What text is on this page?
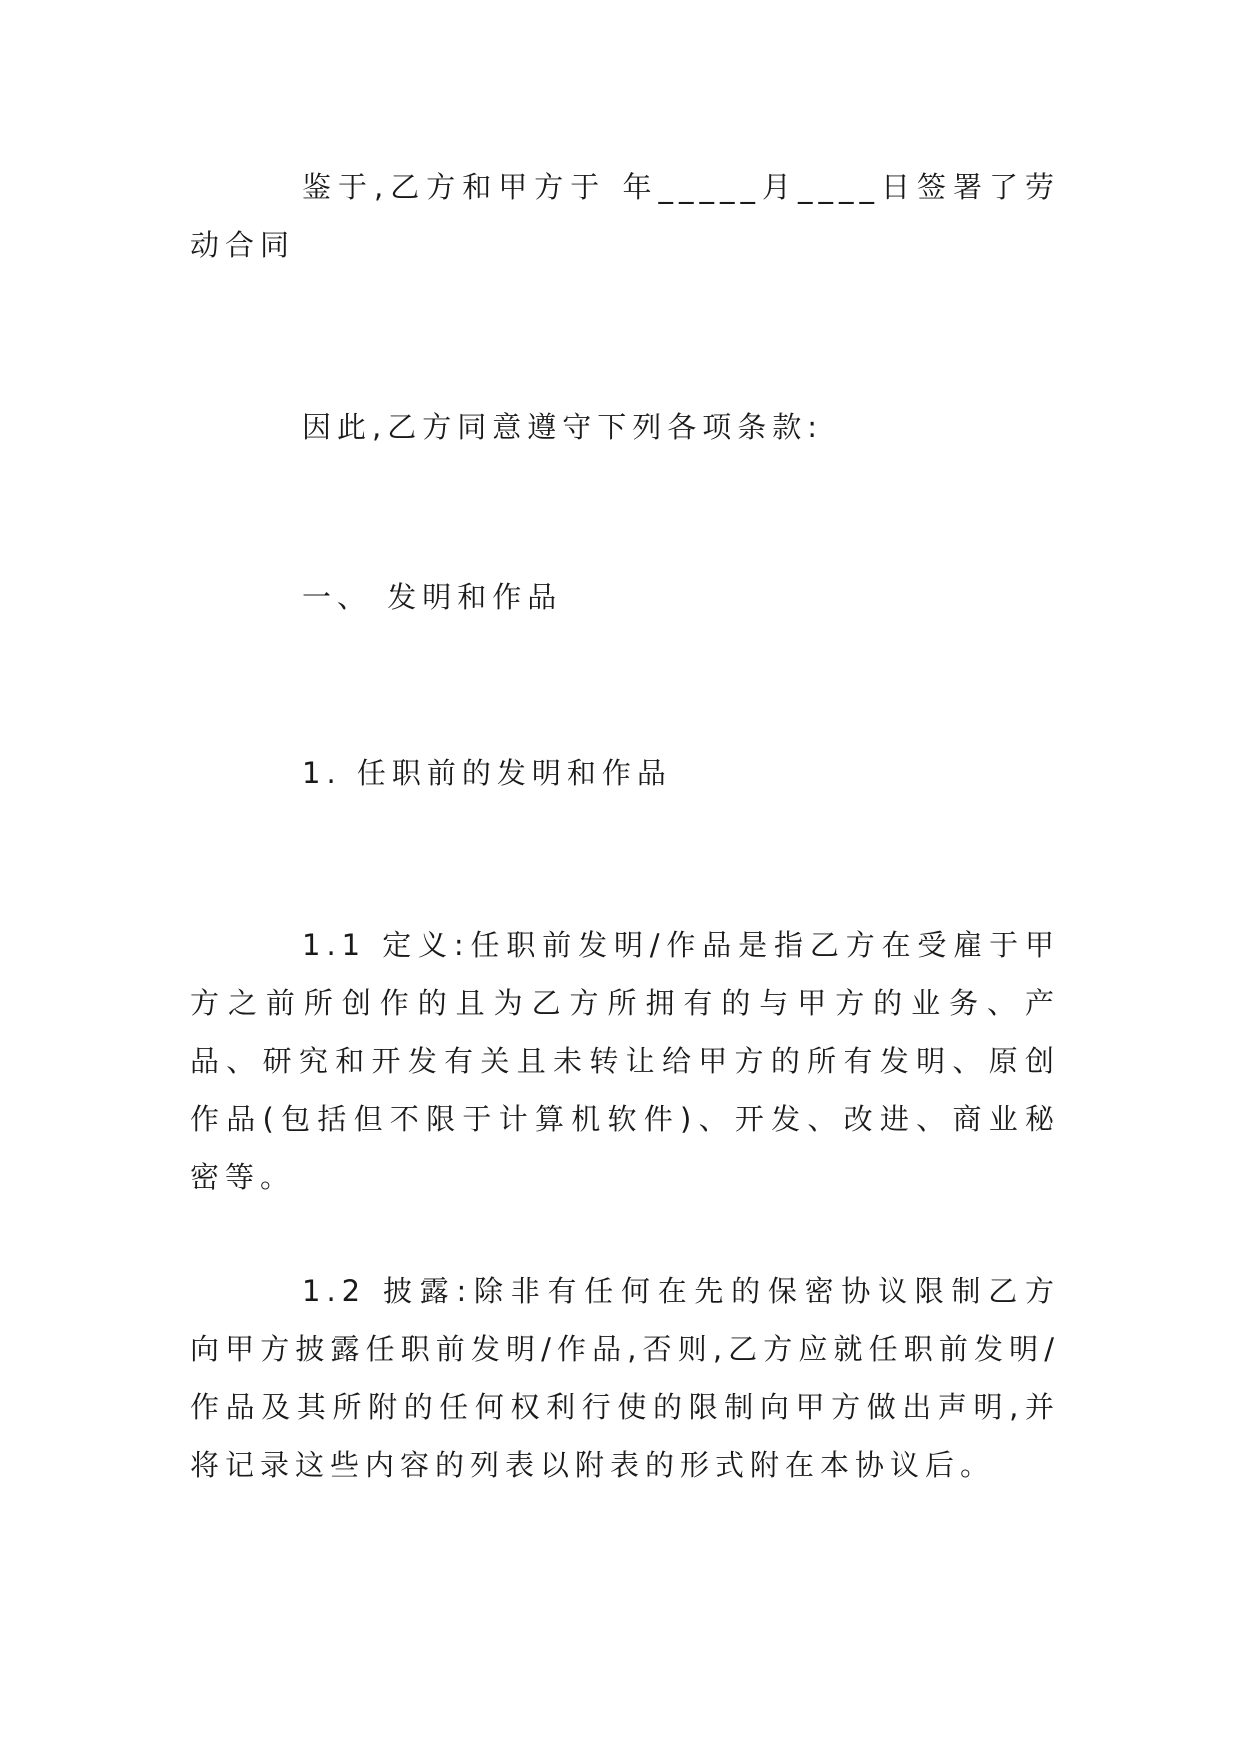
鉴于,乙方和甲方于 年_____月____日签署了劳动合同

因此,乙方同意遵守下列各项条款:

一、 发明和作品

1. 任职前的发明和作品

1.1 定义:任职前发明/作品是指乙方在受雇于甲方之前所创作的且为乙方所拥有的与甲方的业务、产品、研究和开发有关且未转让给甲方的所有发明、原创作品(包括但不限于计算机软件)、开发、改进、商业秘密等。

1.2 披露:除非有任何在先的保密协议限制乙方向甲方披露任职前发明/作品,否则,乙方应就任职前发明/作品及其所附的任何权利行使的限制向甲方做出声明,并将记录这些内容的列表以附表的形式附在本协议后。
